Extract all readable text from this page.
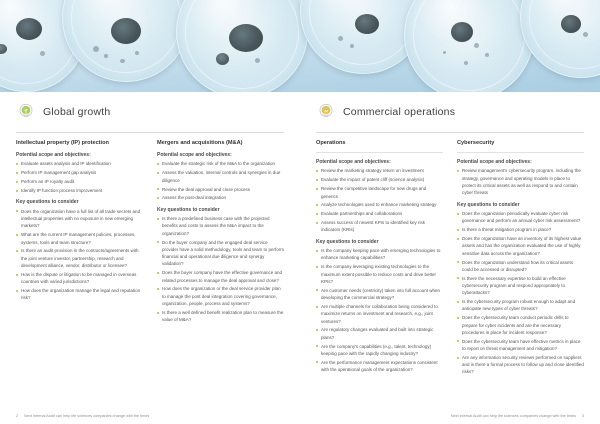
Global growth
Intellectual property (IP) protection
Potential scope and objectives:
Evaluate assets analysis and IP identification
Perform IP management gap analysis
Perform an IP royalty audit
Identify IP function process improvement
Key questions to consider
Does the organization have a full list of all trade secrets and intellectual properties with no exposure in new emerging markets?
What are the current IP management policies, processes, systems, tools and team structure?
Is there an audit provision in the contracts/agreements with the joint venture investor, partnership, research and development alliance, vendor, distributor or licensee?
How is the dispute or litigation to be managed in overseas countries with varied jurisdictions?
How does the organization manage the legal and reputation risk?
Mergers and acquisitions (M&A)
Potential scope and objectives:
Evaluate the strategic risk of the M&A to the organization
Assess the valuation, internal controls and synergies in due diligence
Review the deal approval and close process
Assess the post-deal integration
Key questions to consider
Is there a predefined business case with the projected benefits and costs to assess the M&A impact to the organization?
Do the buyer company and the engaged deal service provider have a solid methodology, tools and team to perform financial and operational due diligence and synergy validation?
Does the buyer company have the effective governance and related processes to manage the deal approval and close?
How does the organization or the deal service provider plan to manage the post deal integration covering governance, organization, people, process and systems?
Is there a well defined benefit realization plan to measure the value of M&A?
Commercial operations
Operations
Potential scope and objectives:
Review the marketing strategy return on investment
Evaluate the impact of patent cliff (science analysis)
Review the competitive landscape for new drugs and generics
Analyze technologies used to enhance marketing strategy
Evaluate partnerships and collaborations
Assess success of newest KPIs to identified key risk indicators (KRIs)
Key questions to consider
Is the company keeping pace with emerging technologies to enhance marketing capabilities?
Is the company leveraging existing technologies to the maximum extent possible to reduce costs and drive better KPIs?
Are customer needs (centricity) taken into full account when developing the commercial strategy?
Are multiple channels for collaboration being considered to maximize returns on investment and research, e.g., joint ventures?
Are regulatory changes evaluated and built into strategic plans?
Are the company's capabilities (e.g., talent, technology) keeping pace with the rapidly changing industry?
Are the performance management expectations consistent with the operational goals of the organization?
Cybersecurity
Potential scope and objectives:
Review management's cybersecurity program, including the strategy, governance and operating models in place to protect its critical assets as well as respond to and contain cyber threats
Key questions to consider
Does the organization periodically evaluate cyber risk governance and perform an annual cyber risk assessment?
Is there a threat mitigation program in place?
Does the organization have an inventory of its highest value assets and has the organization evaluated the use of highly sensitive data across the organization?
Does the organization understand how its critical assets could be accessed or disrupted?
Is there the necessary expertise to build an effective cybersecurity program and respond appropriately to cyberattacks?
Is the cybersecurity program robust enough to adapt and anticipate new types of cyber threats?
Does the cybersecurity team conduct periodic drills to prepare for cyber incidents and are the necessary procedures in place for incident response?
Does the cybersecurity team have effective metrics in place to report on threat management and mitigation?
Are any information security reviews performed on suppliers and is there a formal process to follow up and close identified risks?
2 Next internal Audit can help life sciences companies change with the times	Next internal Audit can help life sciences companies change with the times 3
